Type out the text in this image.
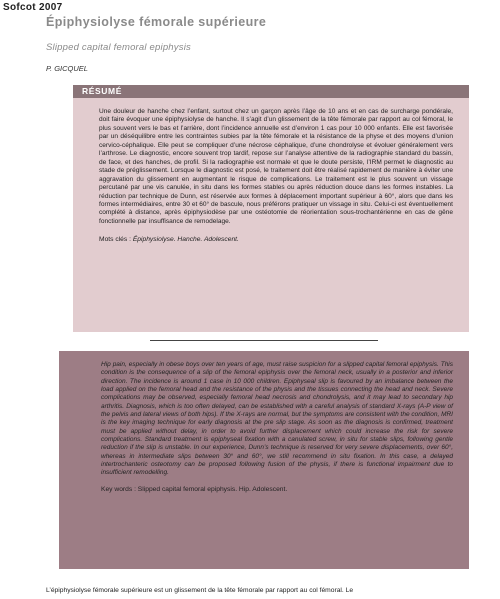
Sofcot 2007
Épiphysiolyse fémorale supérieure
Slipped capital femoral epiphysis
P. GICQUEL
RÉSUMÉ
Une douleur de hanche chez l’enfant, surtout chez un garçon après l’âge de 10 ans et en cas de surcharge pondérale, doit faire évoquer une épiphysiolyse de hanche. Il s’agit d’un glissement de la tête fémorale par rapport au col fémoral, le plus souvent vers le bas et l’arrière, dont l’incidence annuelle est d’environ 1 cas pour 10 000 enfants. Elle est favorisée par un déséquilibre entre les contraintes subies par la tête fémorale et la résistance de la physe et des moyens d’union cervico-céphalique. Elle peut se compliquer d’une nécrose céphalique, d’une chondrolyse et évoluer généralement vers l’arthrose. Le diagnostic, encore souvent trop tardif, repose sur l’analyse attentive de la radiographie standard du bassin, de face, et des hanches, de profil. Si la radiographie est normale et que le doute persiste, l’IRM permet le diagnostic au stade de préglissement. Lorsque le diagnostic est posé, le traitement doit être réalisé rapidement de manière à éviter une aggravation du glissement en augmentant le risque de complications. Le traitement est le plus souvent un vissage percutané par une vis canulée, in situ dans les formes stables ou après réduction douce dans les formes instables. La réduction par technique de Dunn, est réservée aux formes à déplacement important supérieur à 60°, alors que dans les formes intermédiaires, entre 30 et 60° de bascule, nous préférons pratiquer un vissage in situ. Celui-ci est éventuellement complété à distance, après épiphysiodèse par une ostéotomie de réorientation sous-trochantérienne en cas de gêne fonctionnelle par insuffisance de remodelage.
Mots clés : Épiphysiolyse. Hanche. Adolescent.
Hip pain, especially in obese boys over ten years of age, must raise suspicion for a slipped capital femoral epiphysis. This condition is the consequence of a slip of the femoral epiphysis over the femoral neck, usually in a posterior and inferior direction. The incidence is around 1 case in 10 000 children. Epiphyseal slip is favoured by an imbalance between the load applied on the femoral head and the resistance of the physis and the tissues connecting the head and neck. Severe complications may be observed, especially femoral head necrosis and chondrolysis, and it may lead to secondary hip arthritis. Diagnosis, which is too often delayed, can be established with a careful analysis of standard X-rays (A-P view of the pelvis and lateral views of both hips). If the X-rays are normal, but the symptoms are consistent with the condition, MRI is the key imaging technique for early diagnosis at the pre slip stage. As soon as the diagnosis is confirmed, treatment must be applied without delay, in order to avoid further displacement which could increase the risk for severe complications. Standard treatment is epiphyseal fixation with a canulated screw, in situ for stable slips, following gentle reduction if the slip is unstable. In our experience, Dunn’s technique is reserved for very severe displacements, over 60°, whereas in intermediate slips between 30° and 60°, we still recommend in situ fixation. In this case, a delayed intertrochanteric osteotomy can be proposed following fusion of the physis, if there is functional impairment due to insufficient remodelling.
Key words : Slipped capital femoral epiphysis. Hip. Adolescent.
L’épiphysiolyse fémorale supérieure est un glissement de la tête fémorale par rapport au col fémoral. Le
